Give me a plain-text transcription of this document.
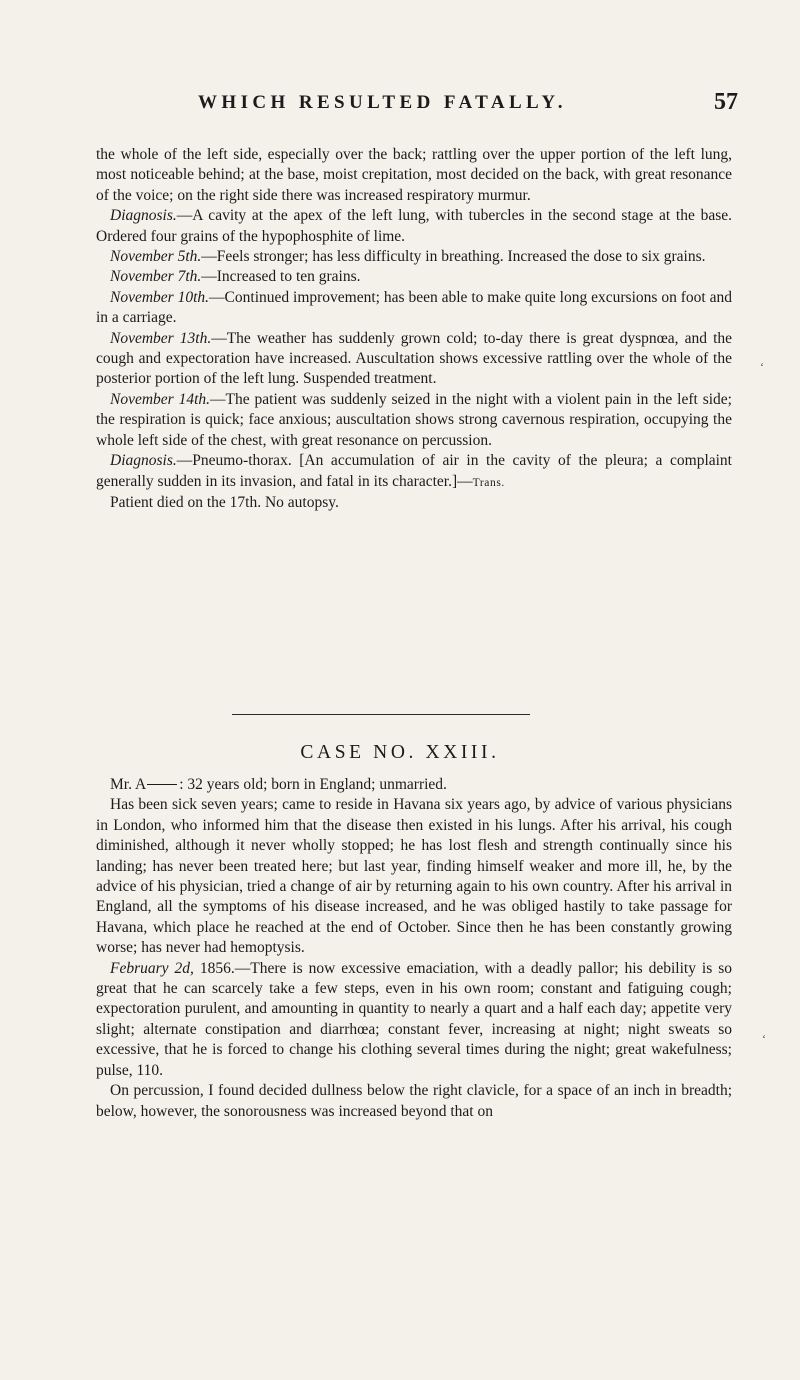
WHICH RESULTED FATALLY.	57

the whole of the left side, especially over the back; rattling over the upper portion of the left lung, most noticeable behind; at the base, moist crepitation, most decided on the back, with great resonance of the voice; on the right side there was increased respiratory murmur.

Diagnosis.—A cavity at the apex of the left lung, with tubercles in the second stage at the base. Ordered four grains of the hypophosphite of lime.

November 5th.—Feels stronger; has less difficulty in breathing. Increased the dose to six grains.

November 7th.—Increased to ten grains.

November 10th.—Continued improvement; has been able to make quite long excursions on foot and in a carriage.

November 13th.—The weather has suddenly grown cold; to-day there is great dyspnœa, and the cough and expectoration have increased. Auscultation shows excessive rattling over the whole of the posterior portion of the left lung. Suspended treatment.

November 14th.—The patient was suddenly seized in the night with a violent pain in the left side; the respiration is quick; face anxious; auscultation shows strong cavernous respiration, occupying the whole left side of the chest, with great resonance on percussion.

Diagnosis.—Pneumo-thorax. [An accumulation of air in the cavity of the pleura; a complaint generally sudden in its invasion, and fatal in its character.]—Trans.

Patient died on the 17th. No autopsy.

CASE NO. XXIII.

Mr. A : 32 years old; born in England; unmarried.

Has been sick seven years; came to reside in Havana six years ago, by advice of various physicians in London, who informed him that the disease then existed in his lungs. After his arrival, his cough diminished, although it never wholly stopped; he has lost flesh and strength continually since his landing; has never been treated here; but last year, finding himself weaker and more ill, he, by the advice of his physician, tried a change of air by returning again to his own country. After his arrival in England, all the symptoms of his disease increased, and he was obliged hastily to take passage for Havana, which place he reached at the end of October. Since then he has been constantly growing worse; has never had hemoptysis.

February 2d, 1856.—There is now excessive emaciation, with a deadly pallor; his debility is so great that he can scarcely take a few steps, even in his own room; constant and fatiguing cough; expectoration purulent, and amounting in quantity to nearly a quart and a half each day; appetite very slight; alternate constipation and diarrhœa; constant fever, increasing at night; night sweats so excessive, that he is forced to change his clothing several times during the night; great wakefulness; pulse, 110.

On percussion, I found decided dullness below the right clavicle, for a space of an inch in breadth; below, however, the sonorousness was increased beyond that on

‘
‘
